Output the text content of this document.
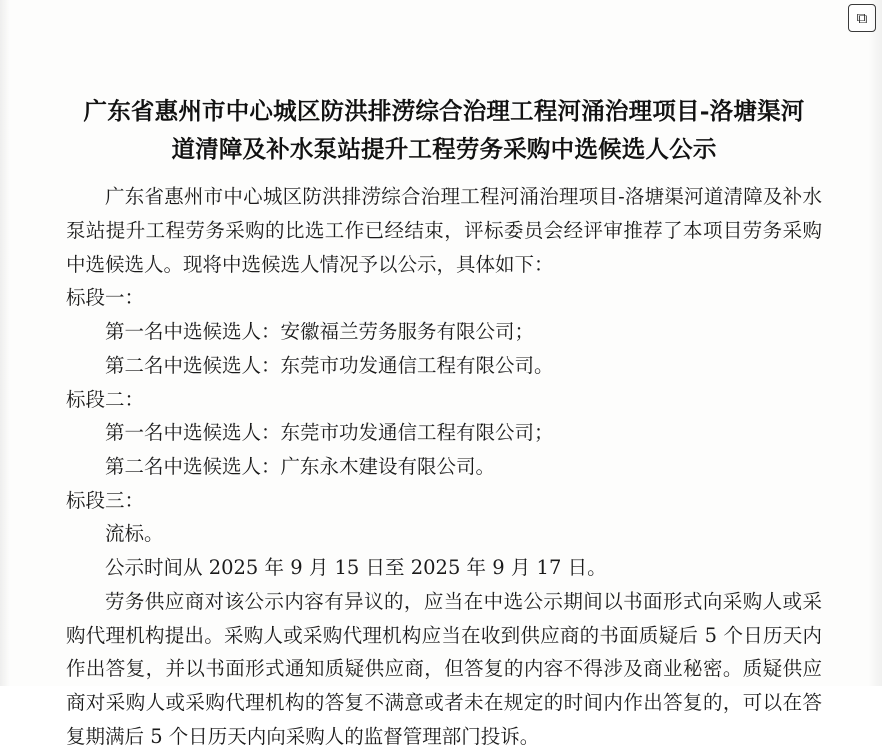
⧉
广东省惠州市中心城区防洪排涝综合治理工程河涌治理项目-洛塘渠河
道清障及补水泵站提升工程劳务采购中选候选人公示

广东省惠州市中心城区防洪排涝综合治理工程河涌治理项目-洛塘渠河道清障及补水泵站提升工程劳务采购的比选工作已经结束，评标委员会经评审推荐了本项目劳务采购中选候选人。现将中选候选人情况予以公示，具体如下：

标段一：

第一名中选候选人：安徽福兰劳务服务有限公司；

第二名中选候选人：东莞市功发通信工程有限公司。

标段二：

第一名中选候选人：东莞市功发通信工程有限公司；

第二名中选候选人：广东永木建设有限公司。

标段三：

流标。

公示时间从 2025 年 9 月 15 日至 2025 年 9 月 17 日。

劳务供应商对该公示内容有异议的，应当在中选公示期间以书面形式向采购人或采购代理机构提出。采购人或采购代理机构应当在收到供应商的书面质疑后 5 个日历天内作出答复，并以书面形式通知质疑供应商，但答复的内容不得涉及商业秘密。质疑供应商对采购人或采购代理机构的答复不满意或者未在规定的时间内作出答复的，可以在答复期满后 5 个日历天内向采购人的监督管理部门投诉。
